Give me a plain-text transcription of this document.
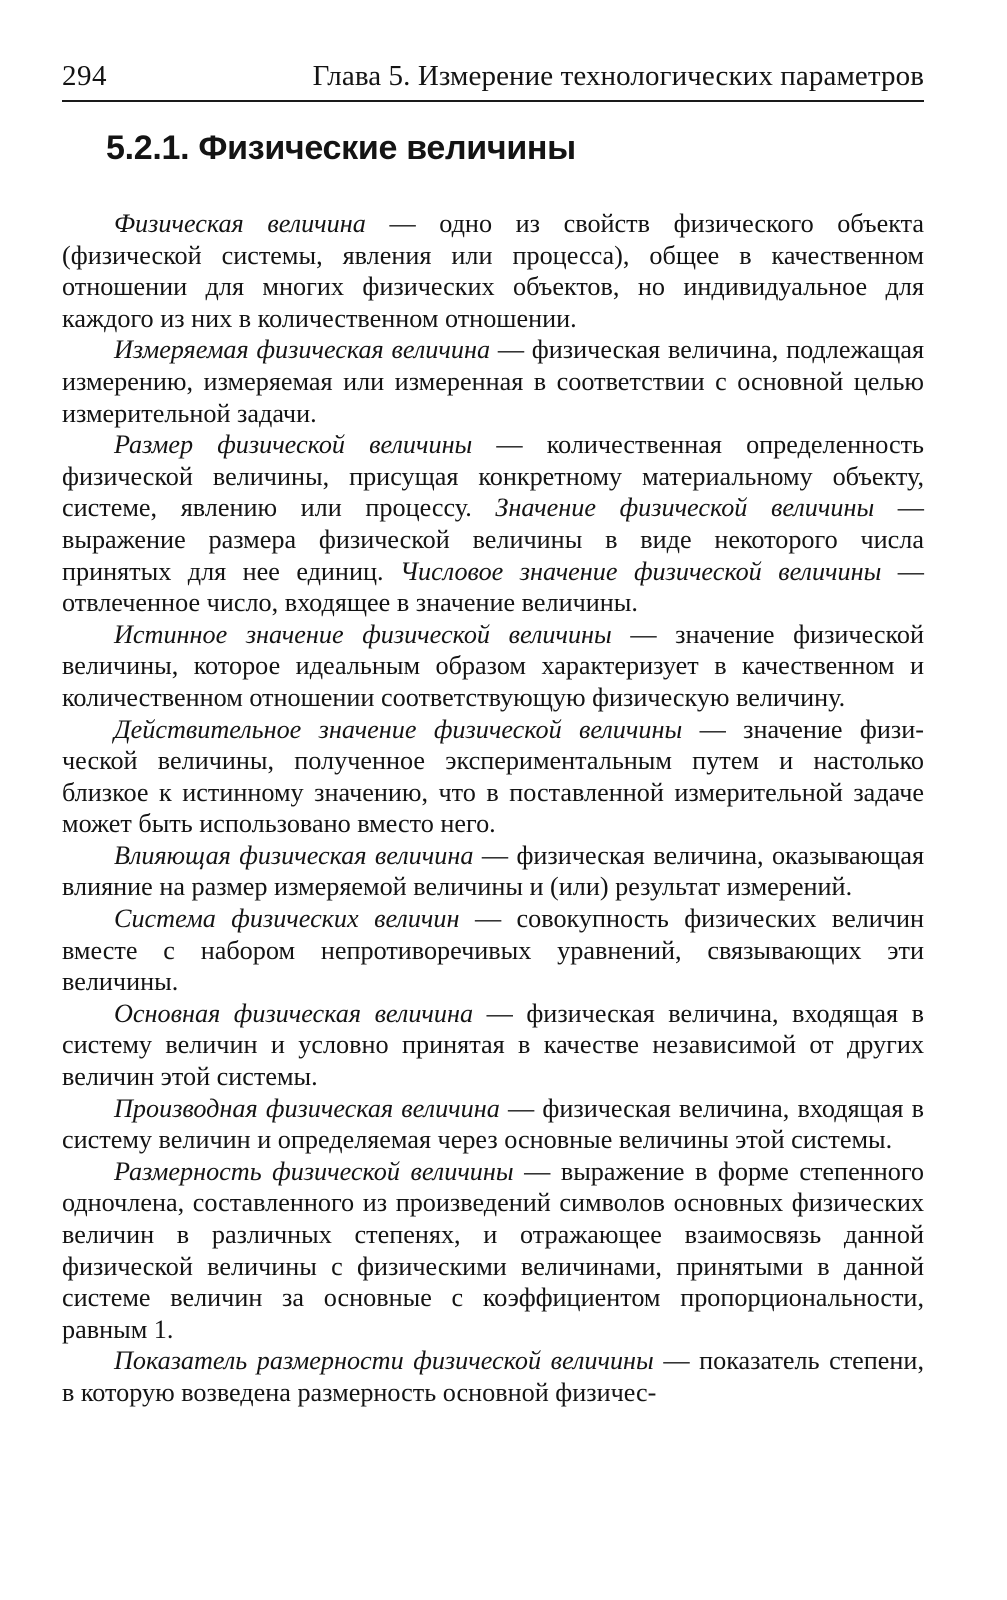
294	Глава 5. Измерение технологических параметров
5.2.1. Физические величины

Физическая величина — одно из свойств физического объекта (физической системы, явления или процесса), общее в качественном отношении для многих физических объектов, но индивидуальное для каждого из них в количественном отношении.

Измеряемая физическая величина — физическая величина, подлежащая измерению, измеряемая или измеренная в соответствии с основной целью измерительной задачи.

Размер физической величины — количественная определенность физической величины, присущая конкретному материальному объекту, системе, явлению или процессу. Значение физической величины — выражение размера физической величины в виде некоторого числа принятых для нее единиц. Числовое значение физической величины — отвлеченное число, входящее в значение величины.

Истинное значение физической величины — значение физической величины, которое идеальным образом характеризует в качественном и количественном отношении соответствующую физическую величину.

Действительное значение физической величины — значение физической величины, полученное экспериментальным путем и настолько близкое к истинному значению, что в поставленной измерительной задаче может быть использовано вместо него.

Влияющая физическая величина — физическая величина, оказывающая влияние на размер измеряемой величины и (или) результат измерений.

Система физических величин — совокупность физических величин вместе с набором непротиворечивых уравнений, связывающих эти величины.

Основная физическая величина — физическая величина, входящая в систему величин и условно принятая в качестве независимой от других величин этой системы.

Производная физическая величина — физическая величина, входящая в систему величин и определяемая через основные величины этой системы.

Размерность физической величины — выражение в форме степенного одночлена, составленного из произведений символов основных физических величин в различных степенях, и отражающее взаимосвязь данной физической величины с физическими величинами, принятыми в данной системе величин за основные с коэффициентом пропорциональности, равным 1.

Показатель размерности физической величины — показатель степени, в которую возведена размерность основной физичес-
